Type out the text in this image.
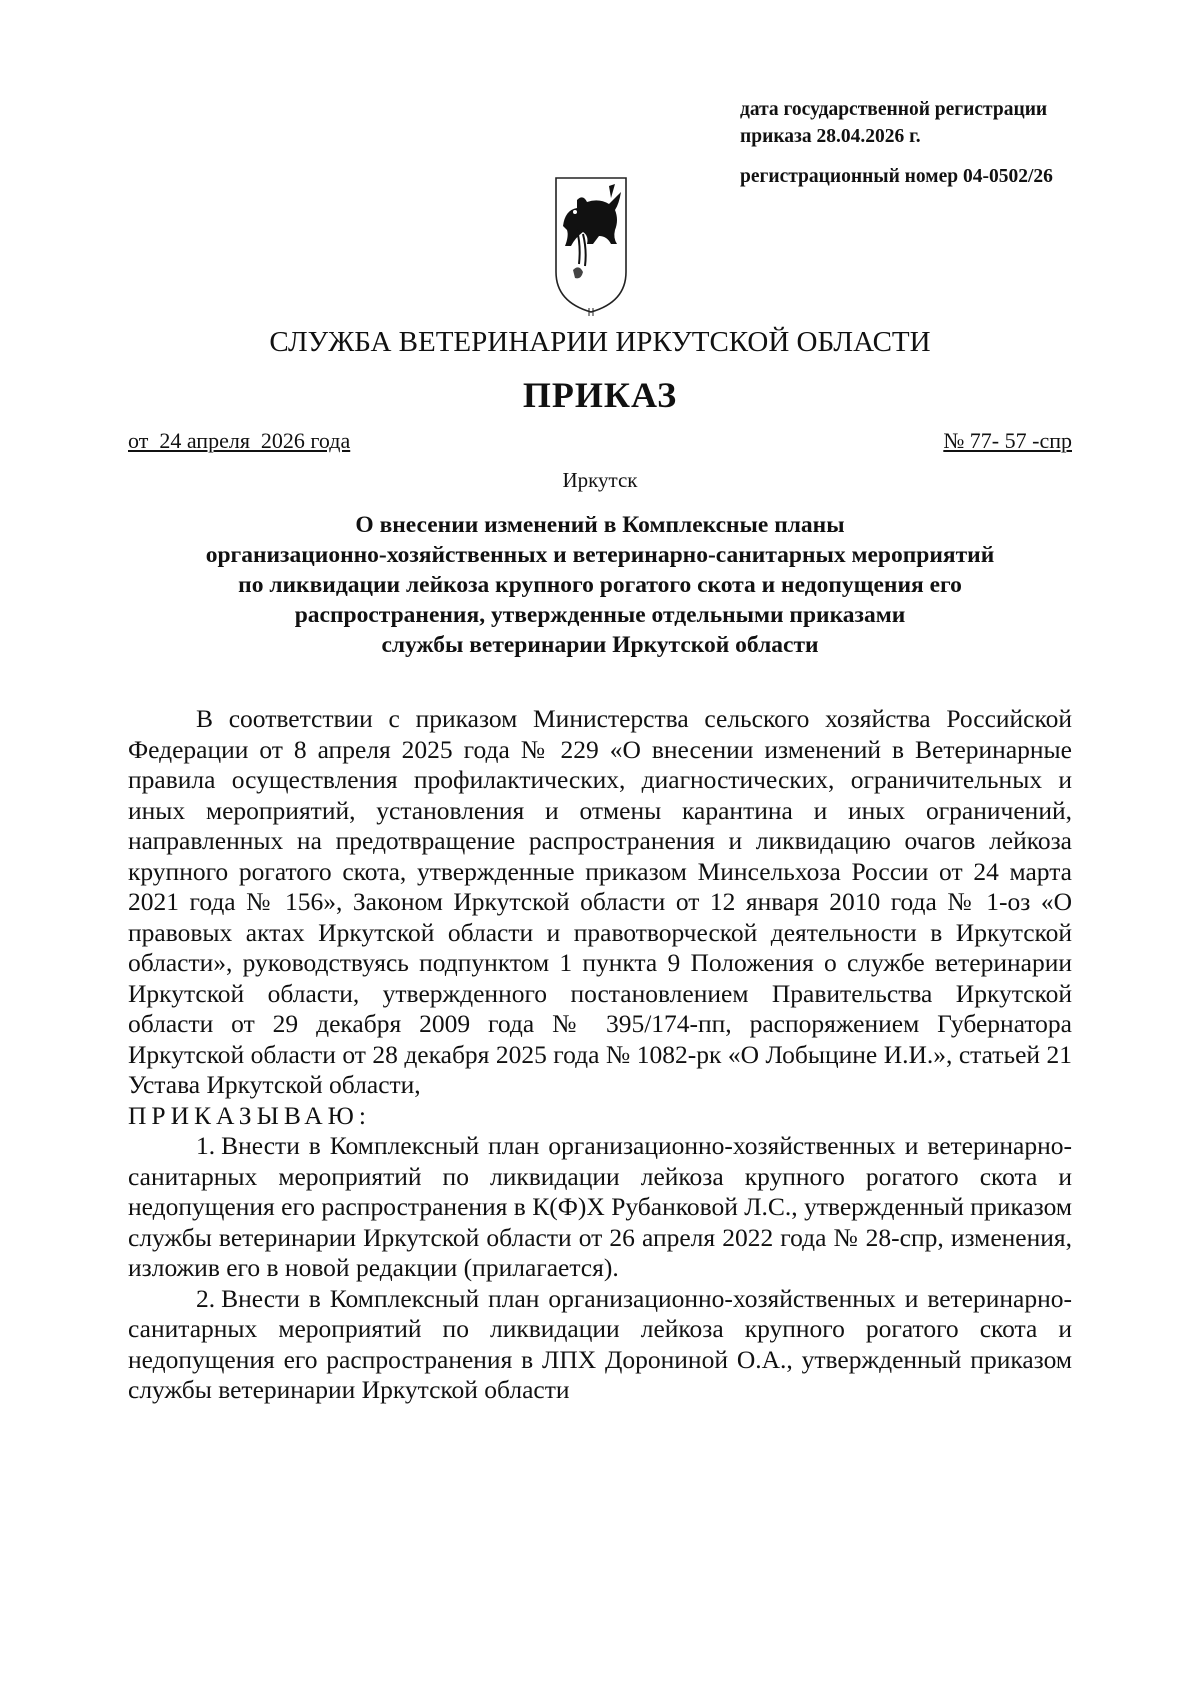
дата государственной регистрации
приказа 28.04.2026 г.
регистрационный номер 04-0502/26
СЛУЖБА ВЕТЕРИНАРИИ ИРКУТСКОЙ ОБЛАСТИ
ПРИКАЗ
от  24 апреля  2026 года	№ 77- 57 -спр
Иркутск
О внесении изменений в Комплексные планы
организационно-хозяйственных и ветеринарно-санитарных мероприятий
по ликвидации лейкоза крупного рогатого скота и недопущения его
распространения, утвержденные отдельными приказами
службы ветеринарии Иркутской области

В соответствии с приказом Министерства сельского хозяйства Российской Федерации от 8 апреля 2025 года № 229 «О внесении изменений в Ветеринарные правила осуществления профилактических, диагностических, ограничительных и иных мероприятий, установления и отмены карантина и иных ограничений, направленных на предотвращение распространения и ликвидацию очагов лейкоза крупного рогатого скота, утвержденные приказом Минсельхоза России от 24 марта 2021 года № 156», Законом Иркутской области от 12 января 2010 года № 1-оз «О правовых актах Иркутской области и правотворческой деятельности в Иркутской области», руководствуясь подпунктом 1 пункта 9 Положения о службе ветеринарии Иркутской области, утвержденного постановлением Правительства Иркутской области от 29 декабря 2009 года № 395/174-пп, распоряжением Губернатора Иркутской области от 28 декабря 2025 года № 1082-рк «О Лобыцине И.И.», статьей 21 Устава Иркутской области,

ПРИКАЗЫВАЮ:

1. Внести в Комплексный план организационно-хозяйственных и ветеринарно-санитарных мероприятий по ликвидации лейкоза крупного рогатого скота и недопущения его распространения в К(Ф)Х Рубанковой Л.С., утвержденный приказом службы ветеринарии Иркутской области от 26 апреля 2022 года № 28-спр, изменения, изложив его в новой редакции (прилагается).

2. Внести в Комплексный план организационно-хозяйственных и ветеринарно-санитарных мероприятий по ликвидации лейкоза крупного рогатого скота и недопущения его распространения в ЛПХ Дорониной О.А., утвержденный приказом службы ветеринарии Иркутской области
